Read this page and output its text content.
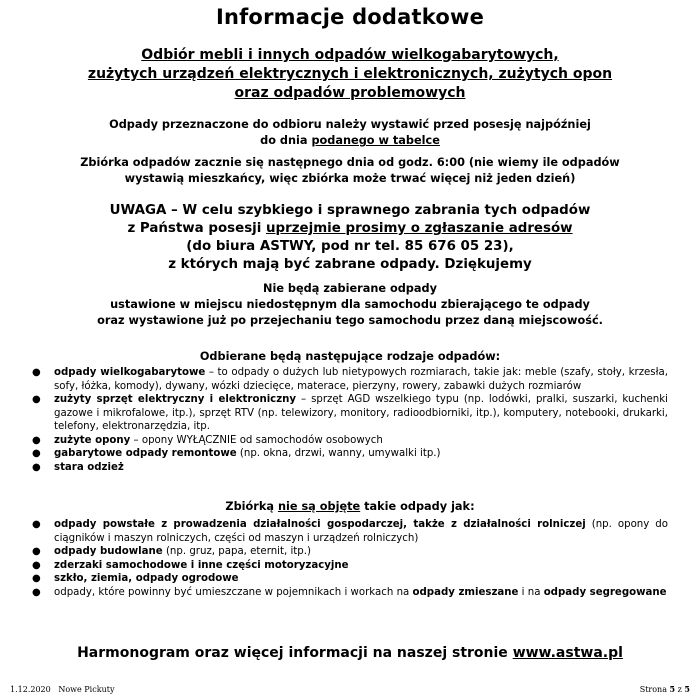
Informacje dodatkowe
Odbiór mebli i innych odpadów wielkogabarytowych,
zużytych urządzeń elektrycznych i elektronicznych, zużytych opon
oraz odpadów problemowych
Odpady przeznaczone do odbioru należy wystawić przed posesję najpóźniej
do dnia podanego w tabelce
Zbiórka odpadów zacznie się następnego dnia od godz. 6:00 (nie wiemy ile odpadów
wystawią mieszkańcy, więc zbiórka może trwać więcej niż jeden dzień)
UWAGA – W celu szybkiego i sprawnego zabrania tych odpadów
z Państwa posesji uprzejmie prosimy o zgłaszanie adresów
(do biura ASTWY, pod nr tel. 85 676 05 23),
z których mają być zabrane odpady. Dziękujemy
Nie będą zabierane odpady
ustawione w miejscu niedostępnym dla samochodu zbierającego te odpady
oraz wystawione już po przejechaniu tego samochodu przez daną miejscowość.
Odbierane będą następujące rodzaje odpadów:
● odpady wielkogabarytowe – to odpady o dużych lub nietypowych rozmiarach, takie jak: meble (szafy, stoły, krzesła, sofy, łóżka, komody), dywany, wózki dziecięce, materace, pierzyny, rowery, zabawki dużych rozmiarów
● zużyty sprzęt elektryczny i elektroniczny – sprzęt AGD wszelkiego typu (np. lodówki, pralki, suszarki, kuchenki gazowe i mikrofalowe, itp.), sprzęt RTV (np. telewizory, monitory, radioodbiorniki, itp.), komputery, notebooki, drukarki, telefony, elektronarzędzia, itp.
● zużyte opony – opony WYŁĄCZNIE od samochodów osobowych
● gabarytowe odpady remontowe (np. okna, drzwi, wanny, umywalki itp.)
● stara odzież
Zbiórką nie są objęte takie odpady jak:
● odpady powstałe z prowadzenia działalności gospodarczej, także z działalności rolniczej (np. opony do ciągników i maszyn rolniczych, części od maszyn i urządzeń rolniczych)
● odpady budowlane (np. gruz, papa, eternit, itp.)
● zderzaki samochodowe i inne części motoryzacyjne
● szkło, ziemia, odpady ogrodowe
● odpady, które powinny być umieszczane w pojemnikach i workach na odpady zmieszane i na odpady segregowane
Harmonogram oraz więcej informacji na naszej stronie www.astwa.pl
1.12.2020 Nowe Pickuty	Strona 5 z 5
